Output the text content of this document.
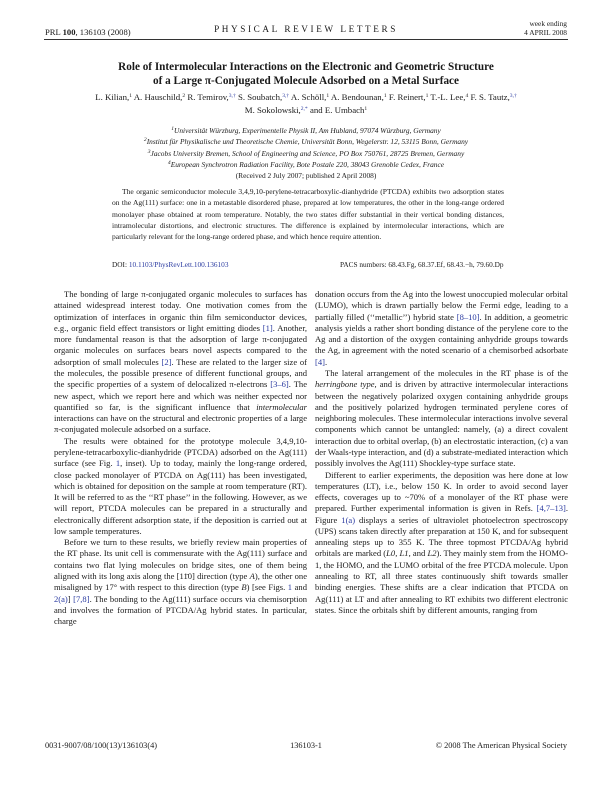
PRL 100, 136103 (2008)	PHYSICAL REVIEW LETTERS
week ending
4 APRIL 2008
Role of Intermolecular Interactions on the Electronic and Geometric Structure
of a Large π-Conjugated Molecule Adsorbed on a Metal Surface
L. Kilian,$^1$ A. Hauschild,$^2$ R. Temirov,$^{3,\dagger}$ S. Soubatch,$^{3,\dagger}$ A. Schöll,$^1$ A. Bendounan,$^1$ F. Reinert,$^1$ T.-L. Lee,$^4$ F. S. Tautz,$^{3,\dagger}$
M. Sokolowski,$^{2,*}$ and E. Umbach$^1$
$^1$Universität Würzburg, Experimentelle Physik II, Am Hubland, 97074 Würzburg, Germany
$^2$Institut für Physikalische und Theoretische Chemie, Universität Bonn, Wegelerstr. 12, 53115 Bonn, Germany
$^3$Jacobs University Bremen, School of Engineering and Science, PO Box 750761, 28725 Bremen, Germany
$^4$European Synchrotron Radiation Facility, Bote Postale 220, 38043 Grenoble Cedex, France
(Received 2 July 2007; published 2 April 2008)
The organic semiconductor molecule 3,4,9,10-perylene-tetracarboxylic-dianhydride (PTCDA) exhibits two adsorption states on the Ag(111) surface: one in a metastable disordered phase, prepared at low temperatures, the other in the long-range ordered monolayer phase obtained at room temperature. Notably, the two states differ substantial in their vertical bonding distances, intramolecular distortions, and electronic structures. The difference is explained by intermolecular interactions, which are particularly relevant for the long-range ordered phase, and which hence require attention.
DOI: 10.1103/PhysRevLett.100.136103	PACS numbers: 68.43.Fg, 68.37.Ef, 68.43.−h, 79.60.Dp

The bonding of large π-conjugated organic molecules to surfaces has attained widespread interest today. One motivation comes from the optimization of interfaces in organic thin film semiconductor devices, e.g., organic field effect transistors or light emitting diodes [1]. Another, more fundamental reason is that the adsorption of large π-conjugated organic molecules on surfaces bears novel aspects compared to the adsorption of small molecules [2]. These are related to the larger size of the molecules, the possible presence of different functional groups, and the specific properties of a system of delocalized π-electrons [3–6]. The new aspect, which we report here and which was neither expected nor quantified so far, is the significant influence that intermolecular interactions can have on the structural and electronic properties of a large π-conjugated molecule adsorbed on a surface.

The results were obtained for the prototype molecule 3,4,9,10-perylene-tetracarboxylic-dianhydride (PTCDA) adsorbed on the Ag(111) surface (see Fig. 1, inset). Up to today, mainly the long-range ordered, close packed monolayer of PTCDA on Ag(111) has been investigated, which is obtained for deposition on the sample at room temperature (RT). It will be referred to as the ‘‘RT phase’’ in the following. However, as we will report, PTCDA molecules can be prepared in a structurally and electronically different adsorption state, if the deposition is carried out at low sample temperatures.

Before we turn to these results, we briefly review main properties of the RT phase. Its unit cell is commensurate with the Ag(111) surface and contains two flat lying molecules on bridge sites, one of them being aligned with its long axis along the [11̄0] direction (type A), the other one misaligned by 17° with respect to this direction (type B) [see Figs. 1 and 2(a)] [7,8]. The bonding to the Ag(111) surface occurs via chemisorption and involves the formation of PTCDA/Ag hybrid states. In particular, charge

donation occurs from the Ag into the lowest unoccupied molecular orbital (LUMO), which is drawn partially below the Fermi edge, leading to a partially filled (‘‘metallic’’) hybrid state [8–10]. In addition, a geometric analysis yields a rather short bonding distance of the perylene core to the Ag and a distortion of the oxygen containing anhydride groups towards the Ag, in agreement with the noted scenario of a chemisorbed adsorbate [4].

The lateral arrangement of the molecules in the RT phase is of the herringbone type, and is driven by attractive intermolecular interactions between the negatively polarized oxygen containing anhydride groups and the positively polarized hydrogen terminated perylene cores of neighboring molecules. These intermolecular interactions involve several components which cannot be untangled: namely, (a) a direct covalent interaction due to orbital overlap, (b) an electrostatic interaction, (c) a van der Waals-type interaction, and (d) a substrate-mediated interaction which possibly involves the Ag(111) Shockley-type surface state.

Different to earlier experiments, the deposition was here done at low temperatures (LT), i.e., below 150 K. In order to avoid second layer effects, coverages up to ~70% of a monolayer of the RT phase were prepared. Further experimental information is given in Refs. [4,7–13]. Figure 1(a) displays a series of ultraviolet photoelectron spectroscopy (UPS) scans taken directly after preparation at 150 K, and for subsequent annealing steps up to 355 K. The three topmost PTCDA/Ag hybrid orbitals are marked (L0, L1, and L2). They mainly stem from the HOMO-1, the HOMO, and the LUMO orbital of the free PTCDA molecule. Upon annealing to RT, all three states continuously shift towards smaller binding energies. These shifts are a clear indication that PTCDA on Ag(111) at LT and after annealing to RT exhibits two different electronic states. Since the orbitals shift by different amounts, ranging from

0031-9007/08/100(13)/136103(4)	136103-1	© 2008 The American Physical Society
